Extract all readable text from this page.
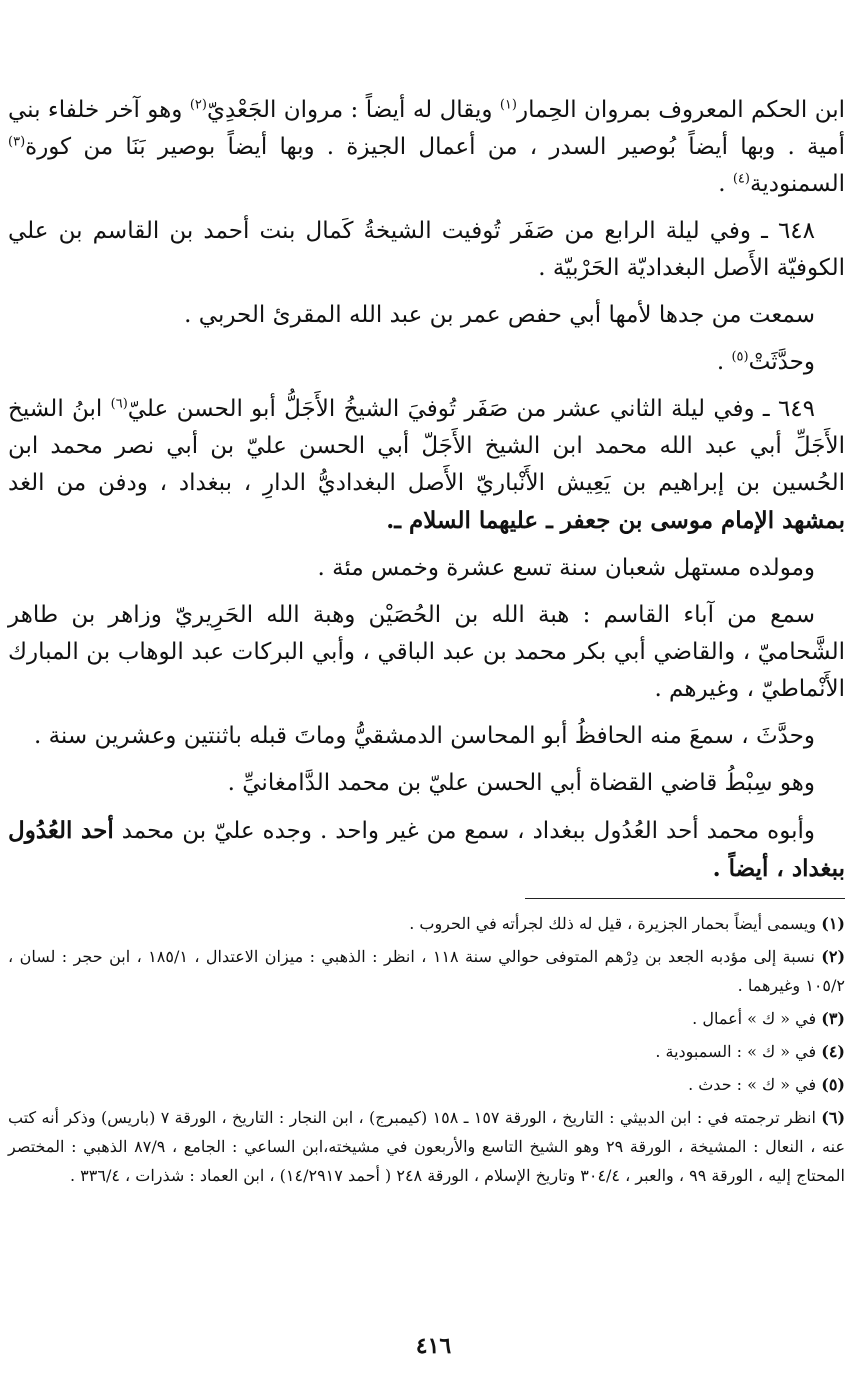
ابن الحكم المعروف بمروان الحِمار$^{(١)}$ ويقال له أيضاً : مروان الجَعْدِيّ$^{(٢)}$ وهو آخر خلفاء بني أمية . وبها أيضاً بُوصير السدر ، من أعمال الجيزة . وبها أيضاً بوصير بَنَا من كورة$^{(٣)}$ السمنودية$^{(٤)}$ .

٦٤٨ ـ وفي ليلة الرابع من صَفَر تُوفيت الشيخةُ كَمال بنت أحمد بن القاسم بن علي الكوفيّة الأَصل البغداديّة الحَرْبيّة .

سمعت من جدها لأمها أبي حفص عمر بن عبد الله المقرئ الحربي .

وحدَّثَتْ$^{(٥)}$ .

٦٤٩ ـ وفي ليلة الثاني عشر من صَفَر تُوفيَ الشيخُ الأَجَلُّ أبو الحسن عليّ$^{(٦)}$ ابنُ الشيخ الأَجَلِّ أبي عبد الله محمد ابن الشيخ الأَجَلّ أبي الحسن عليّ بن أبي نصر محمد ابن الحُسين بن إبراهيم بن يَعِيش الأَنْباريّ الأَصل البغداديُّ الدارِ ، ببغداد ، ودفن من الغد بمشهد الإمام موسى بن جعفر ـ عليهما السلام ـ.

ومولده مستهل شعبان سنة تسع عشرة وخمس مئة .

سمع من آباء القاسم : هبة الله بن الحُصَيْن وهبة الله الحَرِيريّ وزاهر بن طاهر الشَّحاميّ ، والقاضي أبي بكر محمد بن عبد الباقي ، وأبي البركات عبد الوهاب بن المبارك الأَنْماطيّ ، وغيرهم .

وحدَّثَ ، سمعَ منه الحافظُ أبو المحاسن الدمشقيُّ وماتَ قبله باثنتين وعشرين سنة .

وهو سِبْطُ قاضي القضاة أبي الحسن عليّ بن محمد الدَّامغانيِّ .

وأبوه محمد أحد العُدُول ببغداد ، سمع من غير واحد . وجده عليّ بن محمد أحد العُدُول ببغداد ، أيضاً .

(١) ويسمى أيضاً بحمار الجزيرة ، قيل له ذلك لجرأته في الحروب .

(٢) نسبة إلى مؤدبه الجعد بن دِرْهم المتوفى حوالي سنة ١١٨ ، انظر : الذهبي : ميزان الاعتدال ، ١٨٥/١ ، ابن حجر : لسان ، ١٠٥/٢ وغيرهما .

(٣) في « ك » أعمال .

(٤) في « ك » : السمبودية .

(٥) في « ك » : حدث .

(٦) انظر ترجمته في : ابن الدبيثي : التاريخ ، الورقة ١٥٧ ـ ١٥٨ (كيمبرج) ، ابن النجار : التاريخ ، الورقة ٧ (باريس) وذكر أنه كتب عنه ، النعال : المشيخة ، الورقة ٢٩ وهو الشيخ التاسع والأربعون في مشيخته،ابن الساعي : الجامع ، ٨٧/٩ الذهبي : المختصر المحتاج إليه ، الورقة ٩٩ ، والعبر ، ٣٠٤/٤ وتاريخ الإسلام ، الورقة ٢٤٨ ( أحمد ١٤/٢٩١٧) ، ابن العماد : شذرات ، ٣٣٦/٤ .

٤١٦
